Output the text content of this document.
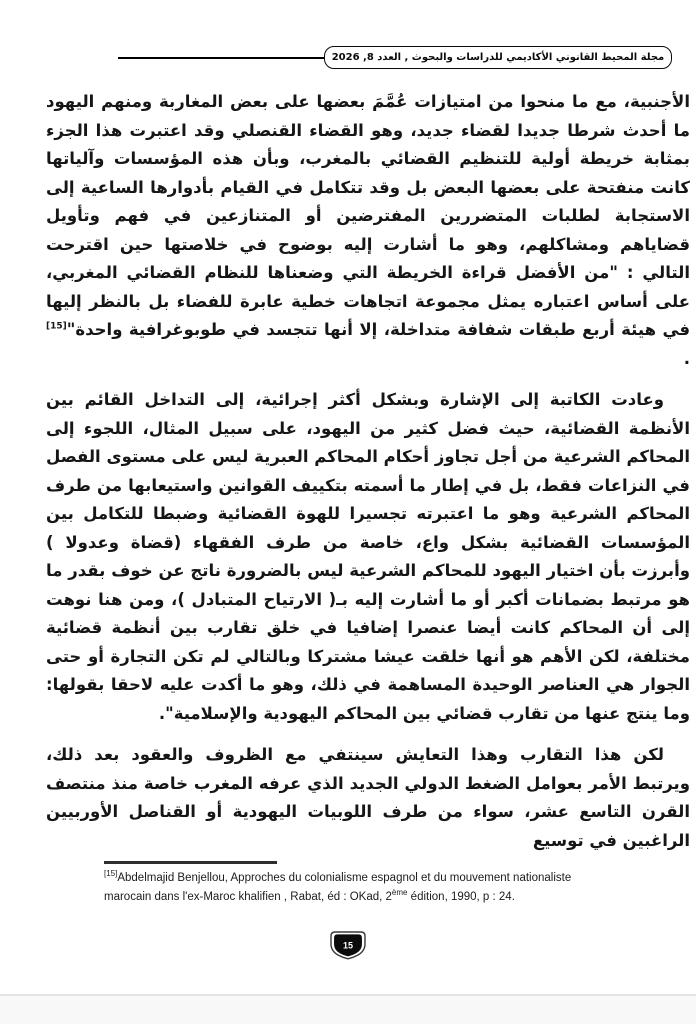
مجلة المحيط القانوني الأكاديمي للدراسات والبحوث , العدد 8, 2026

الأجنبية، مع ما منحوا من امتيازات عُمَّمَ بعضها على بعض المغاربة ومنهم اليهود ما أحدث شرطا جديدا لقضاء جديد، وهو القضاء القنصلي وقد اعتبرت هذا الجزء بمثابة خريطة أولية للتنظيم القضائي بالمغرب، وبأن هذه المؤسسات وآلياتها كانت منفتحة على بعضها البعض بل وقد تتكامل في القيام بأدوارها الساعية إلى الاستجابة لطلبات المتضررين المفترضين أو المتنازعين في فهم وتأويل قضاياهم ومشاكلهم، وهو ما أشارت إليه بوضوح في خلاصتها حين اقترحت التالي : "من الأفضل قراءة الخريطة التي وضعناها للنظام القضائي المغربي، على أساس اعتباره يمثل مجموعة اتجاهات خطية عابرة للفضاء بل بالنظر إليها في هيئة أربع طبقات شفافة متداخلة، إلا أنها تتجسد في طوبوغرافية واحدة"[15] .

وعادت الكاتبة إلى الإشارة وبشكل أكثر إجرائية، إلى التداخل القائم بين الأنظمة القضائية، حيث فضل كثير من اليهود، على سبيل المثال، اللجوء إلى المحاكم الشرعية من أجل تجاوز أحكام المحاكم العبرية ليس على مستوى الفصل في النزاعات فقط، بل في إطار ما أسمته بتكييف القوانين واستيعابها من طرف المحاكم الشرعية وهو ما اعتبرته تجسيرا للهوة القضائية وضبطا للتكامل بين المؤسسات القضائية بشكل واع، خاصة من طرف الفقهاء (قضاة وعدولا ) وأبرزت بأن اختيار اليهود للمحاكم الشرعية ليس بالضرورة ناتج عن خوف بقدر ما هو مرتبط بضمانات أكبر أو ما أشارت إليه بـ( الارتياح المتبادل )، ومن هنا نوهت إلى أن المحاكم كانت أيضا عنصرا إضافيا في خلق تقارب بين أنظمة قضائية مختلفة، لكن الأهم هو أنها خلقت عيشا مشتركا وبالتالي لم تكن التجارة أو حتى الجوار هي العناصر الوحيدة المساهمة في ذلك، وهو ما أكدت عليه لاحقا بقولها: وما ينتج عنها من تقارب قضائي بين المحاكم اليهودية والإسلامية".

لكن هذا التقارب وهذا التعايش سينتفي مع الظروف والعقود بعد ذلك، ويرتبط الأمر بعوامل الضغط الدولي الجديد الذي عرفه المغرب خاصة منذ منتصف القرن التاسع عشر، سواء من طرف اللوبيات اليهودية أو القناصل الأوربيين الراغبين في توسيع

[15]Abdelmajid Benjellou, Approches du colonialisme espagnol et du mouvement nationaliste marocain dans l'ex-Maroc khalifien , Rabat, éd : OKad, 2ème édition, 1990, p : 24.
15
